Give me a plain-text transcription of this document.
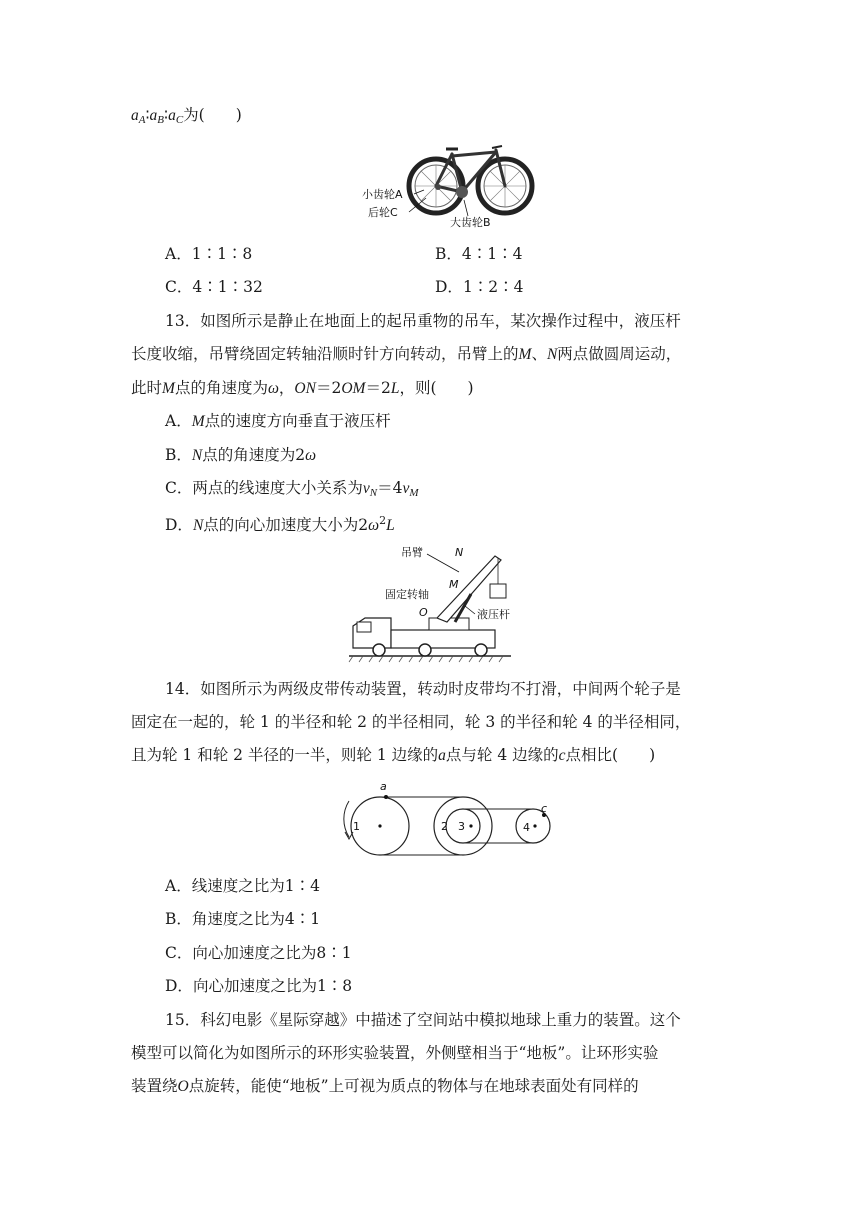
$a_A∶a_B∶a_C$为(　　)
小齿轮A
后轮C
大齿轮B
A．1∶1∶8	B．4∶1∶4
C．4∶1∶32	D．1∶2∶4
13．如图所示是静止在地面上的起吊重物的吊车，某次操作过程中，液压杆
长度收缩，吊臂绕固定转轴沿顺时针方向转动，吊臂上的M、N两点做圆周运动，
此时M点的角速度为ω，ON＝2OM＝2L，则(　　)
A．M点的速度方向垂直于液压杆
B．N点的角速度为2ω
C．两点的线速度大小关系为$v_N=4v_M$
D．N点的向心加速度大小为$2\omega^2L$
吊臂	N
M
固定转轴
O	液压杆
14．如图所示为两级皮带传动装置，转动时皮带均不打滑，中间两个轮子是
固定在一起的，轮 1 的半径和轮 2 的半径相同，轮 3 的半径和轮 4 的半径相同，
且为轮 1 和轮 2 半径的一半，则轮 1 边缘的a点与轮 4 边缘的c点相比(　　)
a
c
1	2 3	4
A．线速度之比为1∶4
B．角速度之比为4∶1
C．向心加速度之比为8∶1
D．向心加速度之比为1∶8
15．科幻电影《星际穿越》中描述了空间站中模拟地球上重力的装置。这个
模型可以简化为如图所示的环形实验装置，外侧壁相当于“地板”。让环形实验
装置绕O点旋转，能使“地板”上可视为质点的物体与在地球表面处有同样的
